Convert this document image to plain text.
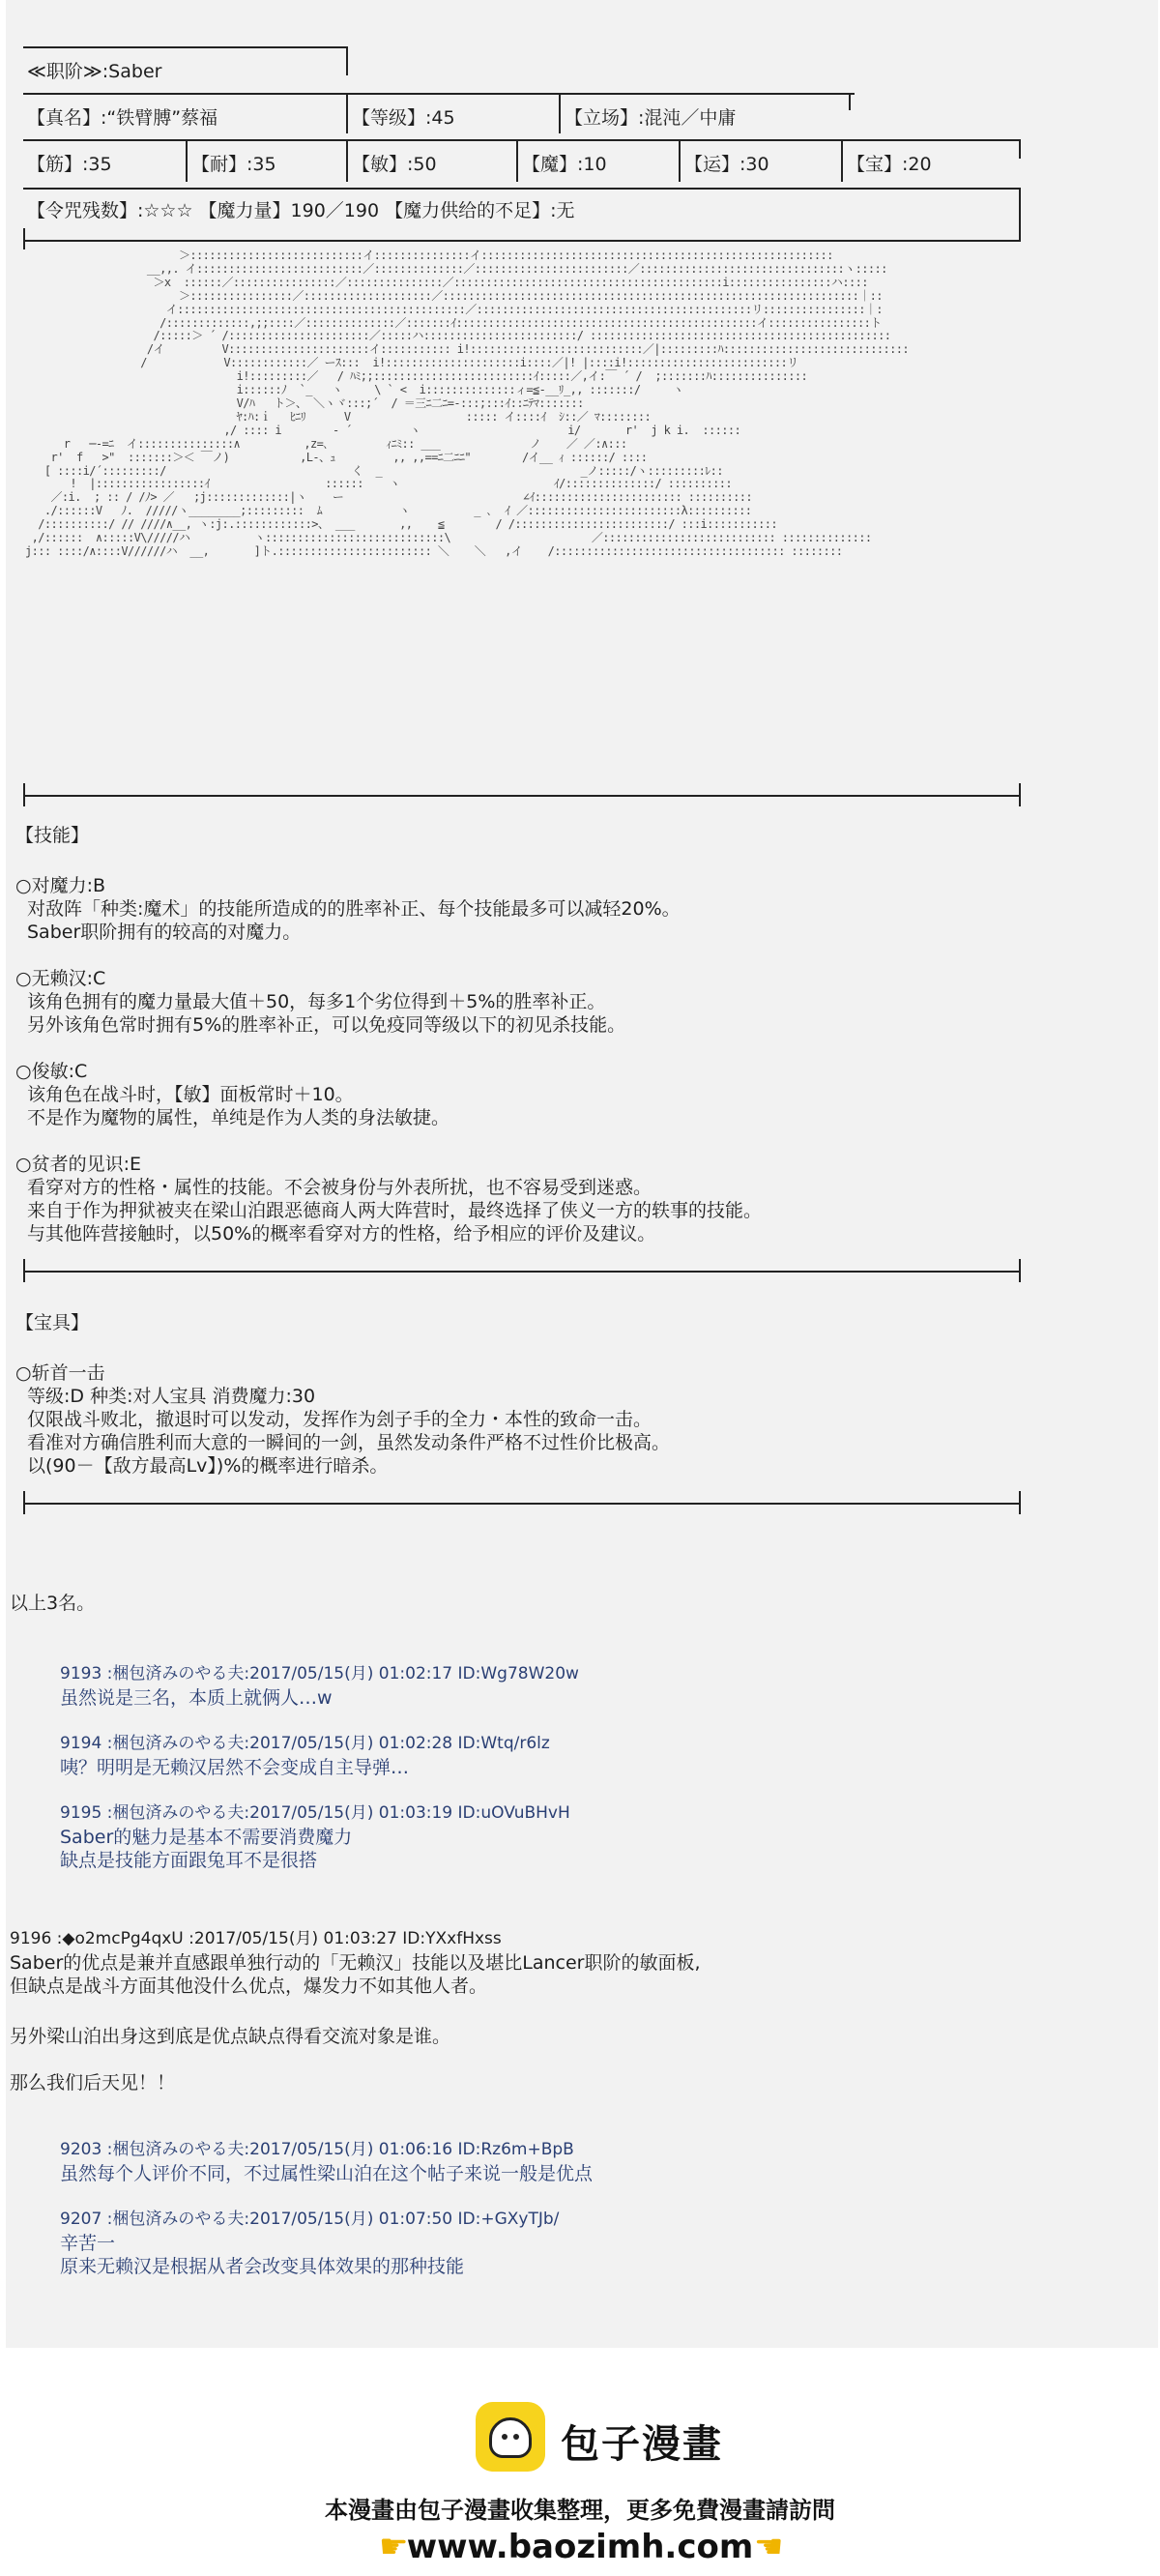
≪职阶≫:Saber
【真名】:“铁臂膊”蔡福	【等级】:45	【立场】:混沌／中庸
【筋】:35	【耐】:35	【敏】:50	【魔】:10	【运】:30	【宝】:20
【令咒残数】:☆☆☆ 【魔力量】190／190 【魔力供给的不足】:无
＞:::::::::::::::::::::::::::イ:::::::::::::::イ:::::::::::::::::::::::::::::::::::::::::::::::::::::::
__,,. イ::::::::::::::::::::::::::／::::::::::::::／::::::::::::::::::::::::／::::::::::::::::::::::::::::::::ヽ:::::
＞x  ::::::／::::::::::::::::／:::::::::::::::／::::::::::::::::::::::::::::::::::::::::::i::::::::::::::::ハ::::
＞::::::::::::::::／::::::::::::::::::::／:::::::::::::::::::::::::::::::::::::::::::::::::::::::::::::::::｜::
イ:::::::::::::::::::::::::::::::::::::::::::::／:::::::::::::::::::::::::::::::::::::::::::リ::::::::::::::::｜:
/:::::::::::::,;;::::／::::::::::::::／:::::::ｲ:::::::::::::::::::::::::::::::::::::::::::::::イ::::::::::::::::ト
/:::::＞ ´ /::::::::::::::::::::::／:::::ハ::::::::::::::::::::::::/ :::::::::::::::::::::::::::::::::::::::::::::::
/イ         V::::::::::::::::::::::イ::::::::::: i!:::::::::::::::::::::::::::／|:::::::::ﾊ:::::::::::::::::::::::::::::
/            V::::::::::::／ ーｽ:::  i!:::::::::::::::::::::i::::／|! |::::i!:::::::::::::::::::::::::リ
i!:::::::::／   / ﾊﾐ;;:::::::::::::::::::::::::ｲ:::::／,イ:￣ ´ /  ;:::::::ﾊ:::::::::::::::
i::::::ﾉ  `_   ヽ     \ ` <  i::::::::::::::ィ=≦‐__ﾘ_,, :::::::/     ヽ
V/ﾊ   ト＞、 ＼ヽヾ:::;´  / ＝三ﾆ二ﾆ=‐:::;:::ｲ::ﾆﾃﾏ:::::::
ﾔ:ﾊ:ｉ   ﾋﾆﾘ      V                  ::::: イ::::ｲ  ｼ::／ ﾏ::::::::
,/ :::: i        ‐ ´         ヽ                       i/       r'  j k i.  ::::::
r   ─-=ﾆ  イ:::::::::::::::∧          ,z=､         ｨﾆﾐ:: ___              ノ    ／ ／:∧:::
r'  f   >"  :::::::＞＜ ￣ノ)           ,L-、ｭ         ,, ,,==ﾆ二ﾆﾆ"        /イ__ ｨ ::::::/ ::::
[ ::::i/´:::::::::/                             く  _                               _ノ:::::/ヽ:::::::::ﾚ::
!  |:::::::::::::::::ｲ                  ::::::    ヽ                        ｲ/::::::::::::::/ ::::::::::
／:i.  ; :: / /ﾉ> ／   ;j:::::::::::::|ヽ    ー                            ∠ｲ::::::::::::::::::::::: ::::::::::
./::::::V   ﾉ.  /////ヽ________;:::::::::  ﾑ            ヽ          _ ､  ｲ ／::::::::::::::::::::::::λ::::::::::
/::::::::::/ // ////∧__, ヽ:j:.::::::::::::>、 ___       ,,    ≦        / /::::::::::::::::::::::::/ :::i:::::::::::
,/::::::  ∧:::::V\/////ハ          ヽ::::::::::::::::::::::::::::\                      ／::::::::::::::::::::::::::: ::::::::::::::
j::: ::::/∧::::V//////ハ  __,       ]ト.:::::::::::::::::::::::: ＼    ＼   ,イ    /:::::::::::::::::::::::::::::::::::: ::::::::

【技能】
○对魔力:B
对敌阵「种类:魔术」的技能所造成的的胜率补正、每个技能最多可以减轻20%。
Saber职阶拥有的较高的对魔力。
○无赖汉:C
该角色拥有的魔力量最大值＋50，每多1个劣位得到＋5%的胜率补正。
另外该角色常时拥有5%的胜率补正，可以免疫同等级以下的初见杀技能。
○俊敏:C
该角色在战斗时，【敏】面板常时＋10。
不是作为魔物的属性，单纯是作为人类的身法敏捷。
○贫者的见识:E
看穿对方的性格・属性的技能。不会被身份与外表所扰，也不容易受到迷惑。
来自于作为押狱被夹在梁山泊跟恶德商人两大阵营时，最终选择了侠义一方的轶事的技能。
与其他阵营接触时，以50%的概率看穿对方的性格，给予相应的评价及建议。
【宝具】
○斩首一击
等级:D 种类:对人宝具 消费魔力:30
仅限战斗败北，撤退时可以发动，发挥作为刽子手的全力・本性的致命一击。
看准对方确信胜利而大意的一瞬间的一剑，虽然发动条件严格不过性价比极高。
以(90－【敌方最高Lv】)%的概率进行暗杀。
以上3名。
9193 :梱包済みのやる夫:2017/05/15(月) 01:02:17 ID:Wg78W20w
虽然说是三名，本质上就俩人…w
9194 :梱包済みのやる夫:2017/05/15(月) 01:02:28 ID:Wtq/r6lz
咦？明明是无赖汉居然不会变成自主导弹…
9195 :梱包済みのやる夫:2017/05/15(月) 01:03:19 ID:uOVuBHvH
Saber的魅力是基本不需要消费魔力
缺点是技能方面跟兔耳不是很搭
9196 :◆o2mcPg4qxU :2017/05/15(月) 01:03:27 ID:YXxfHxss
Saber的优点是兼并直感跟单独行动的「无赖汉」技能以及堪比Lancer职阶的敏面板,
但缺点是战斗方面其他没什么优点，爆发力不如其他人者。
另外梁山泊出身这到底是优点缺点得看交流对象是谁。
那么我们后天见！！
9203 :梱包済みのやる夫:2017/05/15(月) 01:06:16 ID:Rz6m+BpB
虽然每个人评价不同，不过属性梁山泊在这个帖子来说一般是优点
9207 :梱包済みのやる夫:2017/05/15(月) 01:07:50 ID:+GXyTJb/
辛苦一
原来无赖汉是根据从者会改变具体效果的那种技能
包子漫畫
本漫畫由包子漫畫收集整理，更多免費漫畫請訪問
☛
www.baozimh.com ☚
